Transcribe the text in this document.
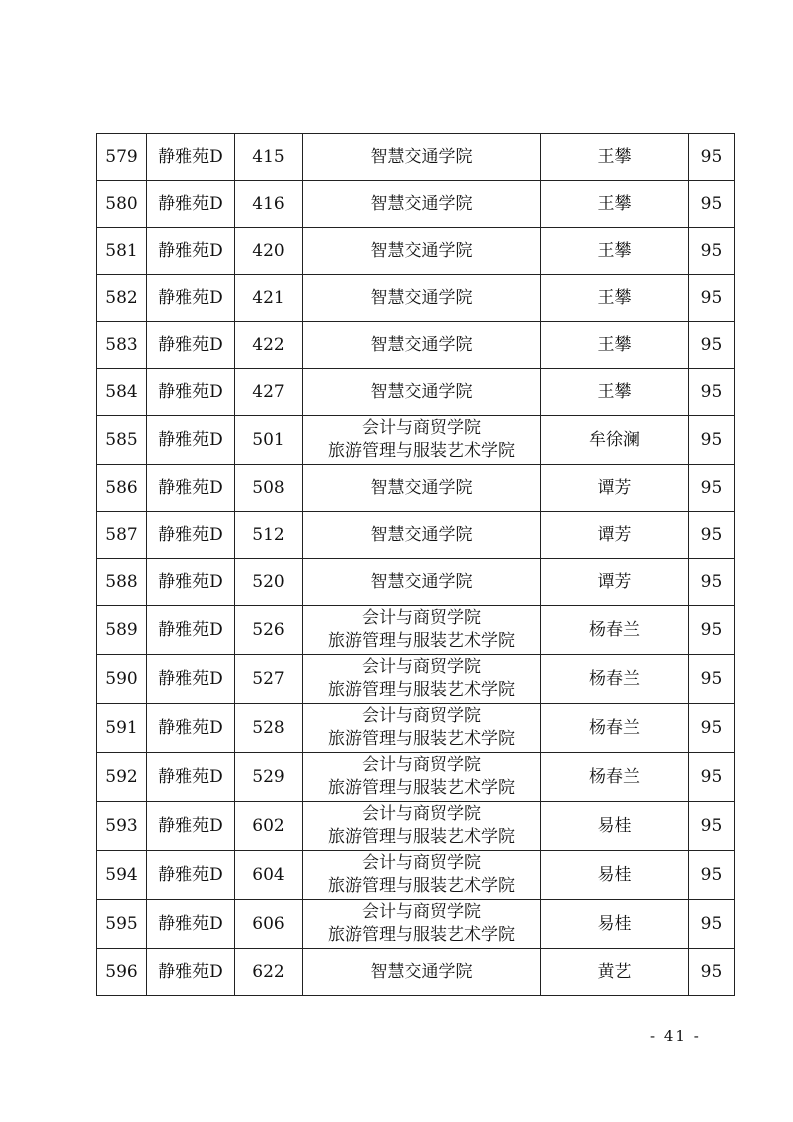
579	静雅苑D	415	智慧交通学院	王攀	95
580	静雅苑D	416	智慧交通学院	王攀	95
581	静雅苑D	420	智慧交通学院	王攀	95
582	静雅苑D	421	智慧交通学院	王攀	95
583	静雅苑D	422	智慧交通学院	王攀	95
584	静雅苑D	427	智慧交通学院	王攀	95
585	静雅苑D	501	会计与商贸学院
旅游管理与服装艺术学院	牟徐澜	95
586	静雅苑D	508	智慧交通学院	谭芳	95
587	静雅苑D	512	智慧交通学院	谭芳	95
588	静雅苑D	520	智慧交通学院	谭芳	95
589	静雅苑D	526	会计与商贸学院
旅游管理与服装艺术学院	杨春兰	95
590	静雅苑D	527	会计与商贸学院
旅游管理与服装艺术学院	杨春兰	95
591	静雅苑D	528	会计与商贸学院
旅游管理与服装艺术学院	杨春兰	95
592	静雅苑D	529	会计与商贸学院
旅游管理与服装艺术学院	杨春兰	95
593	静雅苑D	602	会计与商贸学院
旅游管理与服装艺术学院	易桂	95
594	静雅苑D	604	会计与商贸学院
旅游管理与服装艺术学院	易桂	95
595	静雅苑D	606	会计与商贸学院
旅游管理与服装艺术学院	易桂	95
596	静雅苑D	622	智慧交通学院	黄艺	95
- 41 -
